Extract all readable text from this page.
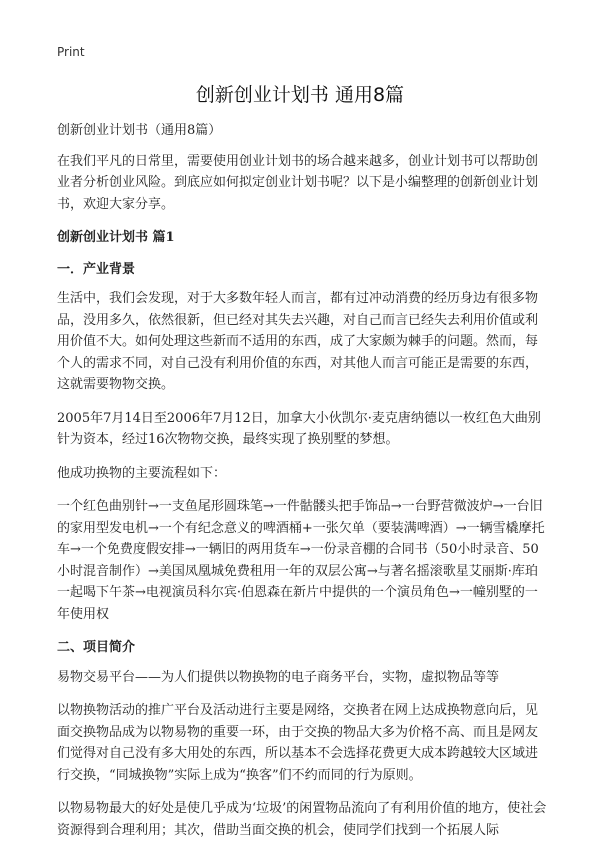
Print
创新创业计划书 通用8篇

创新创业计划书（通用8篇）

在我们平凡的日常里，需要使用创业计划书的场合越来越多，创业计划书可以帮助创业者分析创业风险。到底应如何拟定创业计划书呢？以下是小编整理的创新创业计划书，欢迎大家分享。

创新创业计划书 篇1
一．产业背景

生活中，我们会发现，对于大多数年轻人而言，都有过冲动消费的经历身边有很多物品，没用多久，依然很新，但已经对其失去兴趣，对自己而言已经失去利用价值或利用价值不大。如何处理这些新而不适用的东西，成了大家颇为棘手的问题。然而，每个人的需求不同，对自己没有利用价值的东西，对其他人而言可能正是需要的东西，这就需要物物交换。

2005年7月14日至2006年7月12日，加拿大小伙凯尔·麦克唐纳德以一枚红色大曲别针为资本，经过16次物物交换，最终实现了换别墅的梦想。

他成功换物的主要流程如下：

一个红色曲别针→一支鱼尾形圆珠笔→一件骷髅头把手饰品→一台野营微波炉→一台旧的家用型发电机→一个有纪念意义的啤酒桶+一张欠单（要装满啤酒）→一辆雪橇摩托车→一个免费度假安排→一辆旧的两用货车→一份录音棚的合同书（50小时录音、50小时混音制作）→美国凤凰城免费租用一年的双层公寓→与著名摇滚歌星艾丽斯·库珀一起喝下午茶→电视演员科尔宾·伯恩森在新片中提供的一个演员角色→一幢别墅的一年使用权

二、项目简介

易物交易平台——为人们提供以物换物的电子商务平台，实物，虚拟物品等等

以物换物活动的推广平台及活动进行主要是网络，交换者在网上达成换物意向后，见面交换物品成为以物易物的重要一环，由于交换的物品大多为价格不高、而且是网友们觉得对自己没有多大用处的东西，所以基本不会选择花费更大成本跨越较大区域进行交换，“同城换物”实际上成为“换客”们不约而同的行为原则。

以物易物最大的好处是使几乎成为‘垃圾’的闲置物品流向了有利用价值的地方，使社会资源得到合理利用；其次，借助当面交换的机会，使同学们找到一个拓展人际
